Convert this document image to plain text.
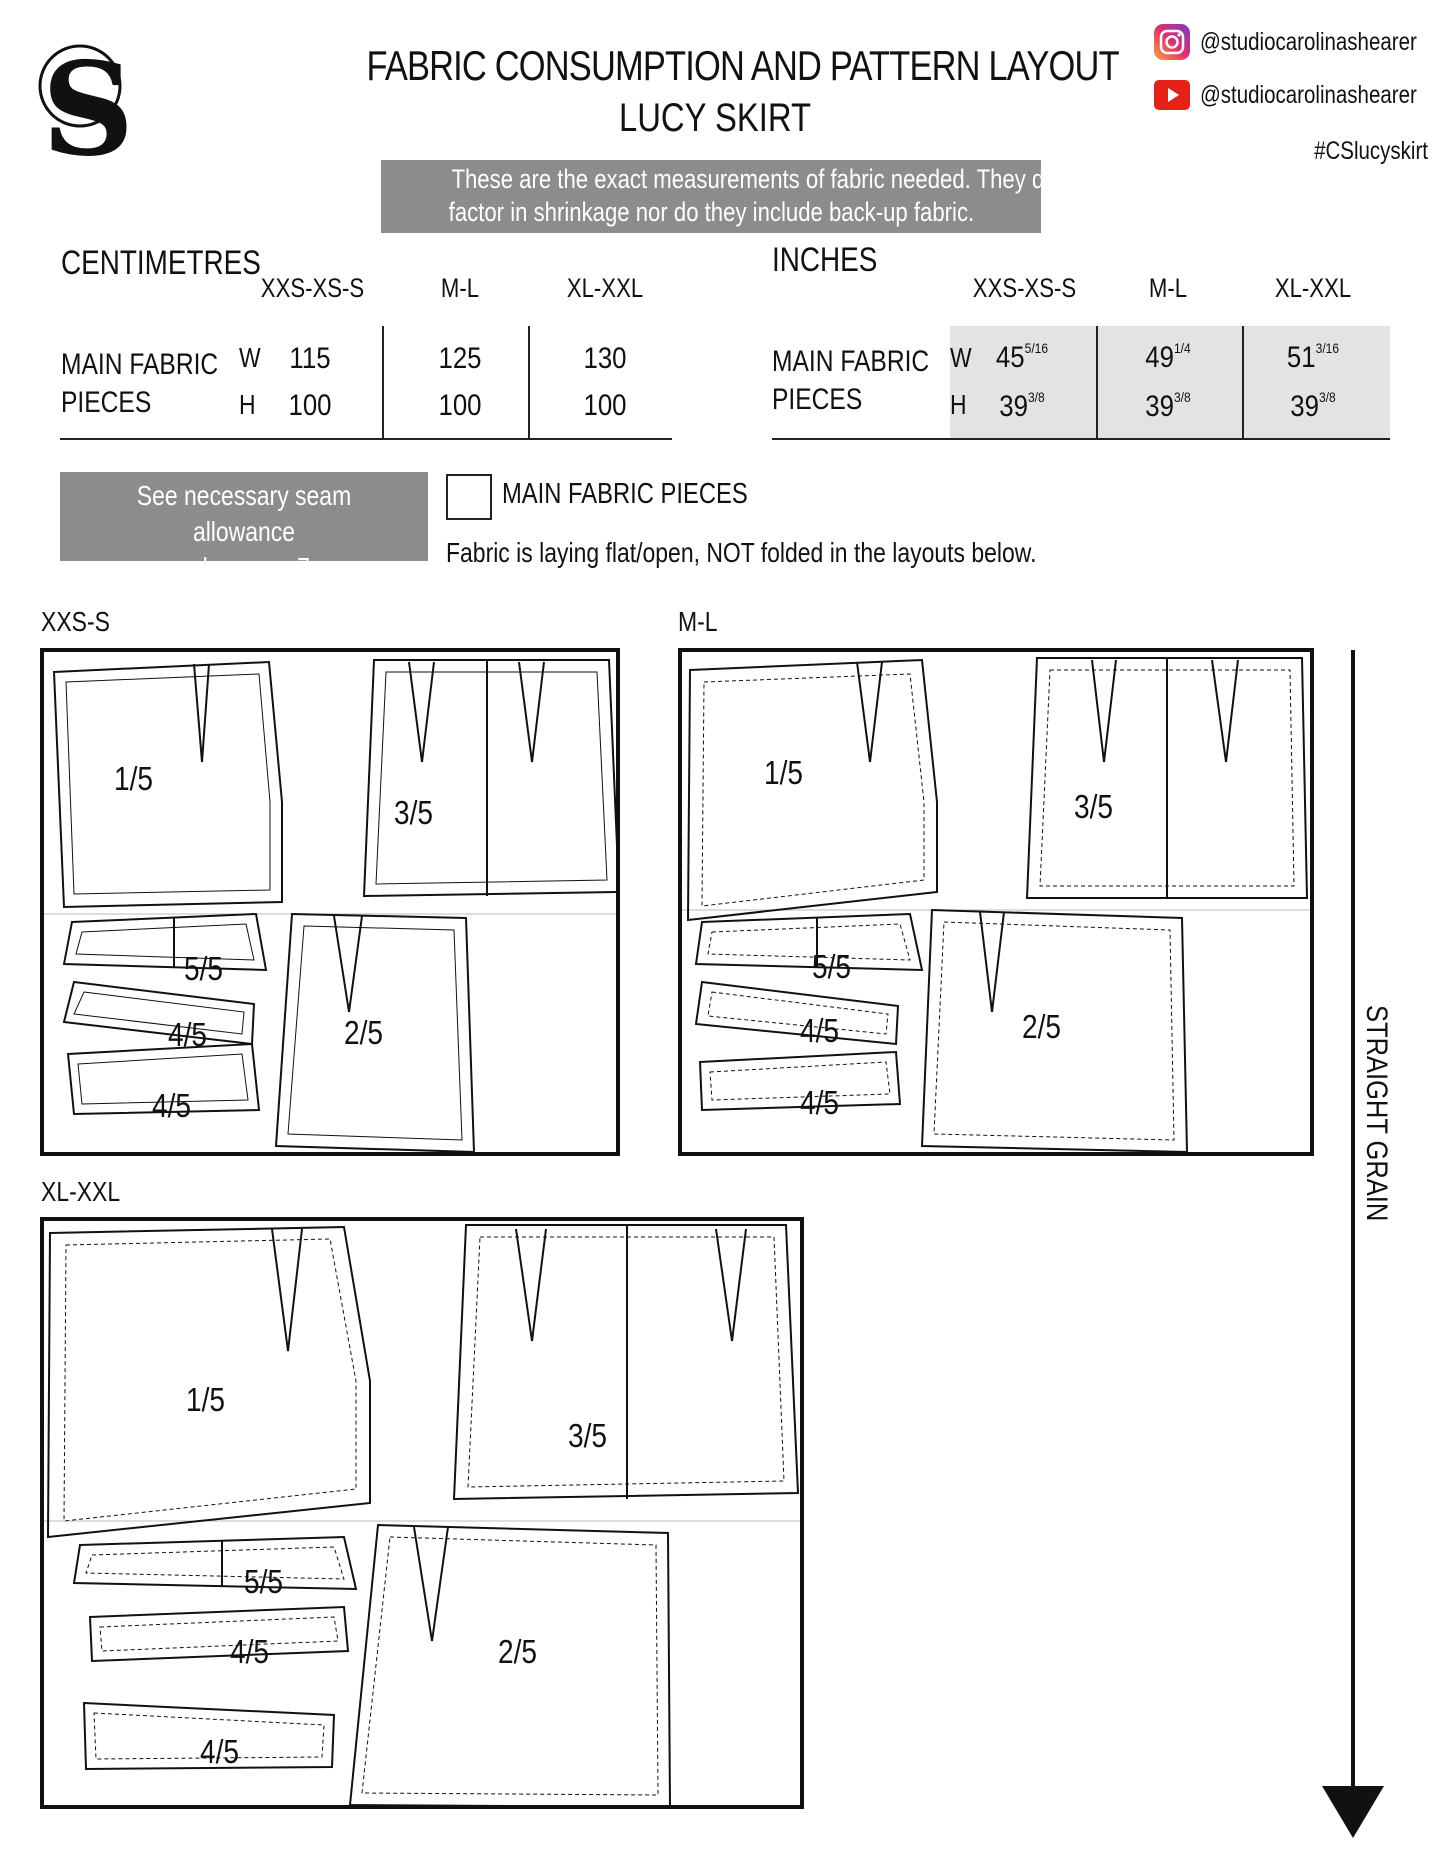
S	FABRIC CONSUMPTION AND PATTERN LAYOUT
LUCY SKIRT
These are the exact measurements of fabric needed. They do not
factor in shrinkage nor do they include back-up fabric.
@studiocarolinashearer
@studiocarolinashearer
#CSlucyskirt
CENTIMETRES
XXS-XS-S	M-L	XL-XXL
MAIN FABRIC
PIECES
W
H
115	125	130
100	100	100
INCHES
XXS-XS-S	M-L	XL-XXL
MAIN FABRIC
PIECES
W
H
$45^{5/16}$	$49^{1/4}$	$51^{3/16}$
$39^{3/8}$	$39^{3/8}$	$39^{3/8}$
See necessary seam allowance
value on p. 7
MAIN FABRIC PIECES
Fabric is laying flat/open, NOT folded in the layouts below.
XXS-S
1/5
3/5
5/5
4/5
4/5
2/5
M-L
1/5
3/5
5/5
4/5
4/5
2/5
XL-XXL
1/5
3/5
5/5
4/5
4/5
2/5
STRAIGHT GRAIN
